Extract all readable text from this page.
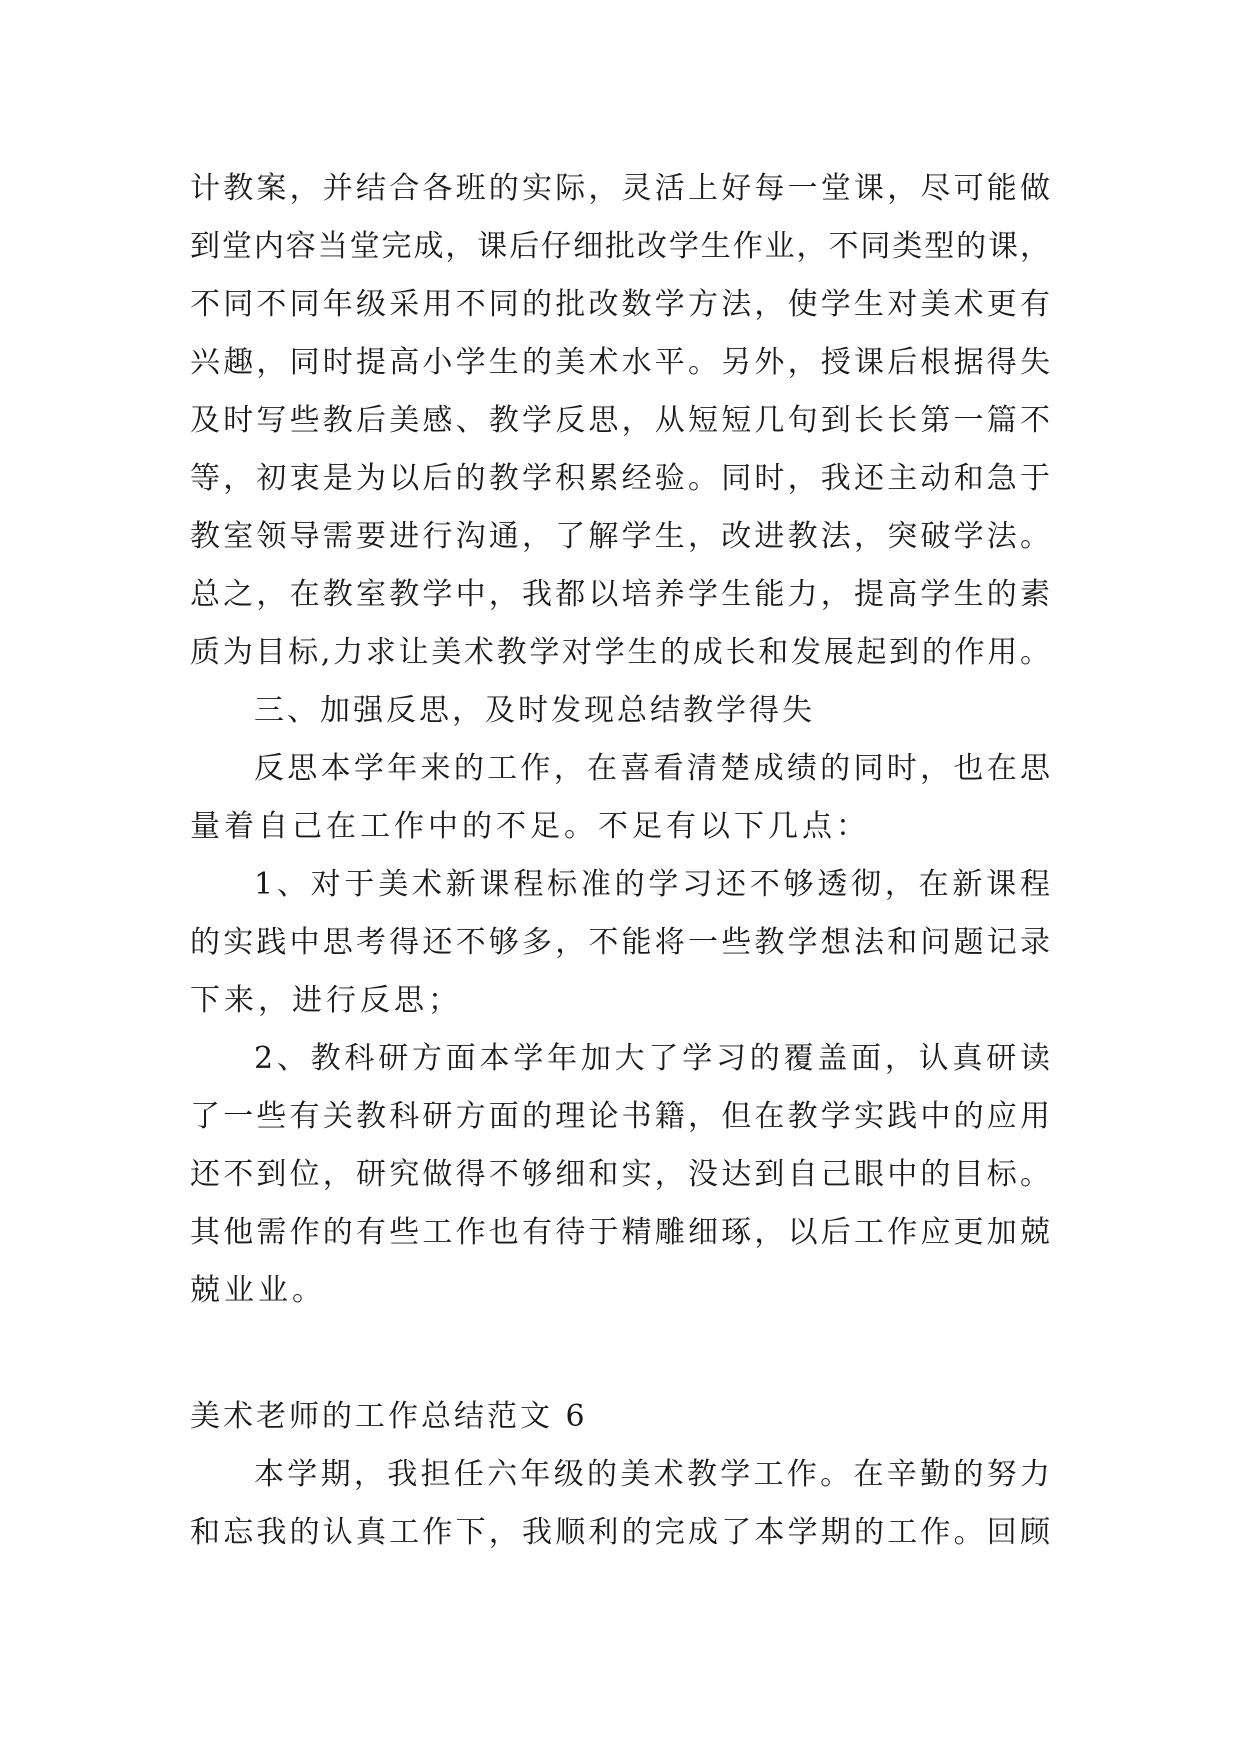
计教案，并结合各班的实际，灵活上好每一堂课，尽可能做
到堂内容当堂完成，课后仔细批改学生作业，不同类型的课，
不同不同年级采用不同的批改数学方法，使学生对美术更有
兴趣，同时提高小学生的美术水平。另外，授课后根据得失
及时写些教后美感、教学反思，从短短几句到长长第一篇不
等，初衷是为以后的教学积累经验。同时，我还主动和急于
教室领导需要进行沟通，了解学生，改进教法，突破学法。
总之，在教室教学中，我都以培养学生能力，提高学生的素
质为目标,力求让美术教学对学生的成长和发展起到的作用。
三、加强反思，及时发现总结教学得失
反思本学年来的工作，在喜看清楚成绩的同时，也在思
量着自己在工作中的不足。不足有以下几点：
1、对于美术新课程标准的学习还不够透彻，在新课程
的实践中思考得还不够多，不能将一些教学想法和问题记录
下来，进行反思；
2、教科研方面本学年加大了学习的覆盖面，认真研读
了一些有关教科研方面的理论书籍，但在教学实践中的应用
还不到位，研究做得不够细和实，没达到自己眼中的目标。
其他需作的有些工作也有待于精雕细琢，以后工作应更加兢
兢业业。
美术老师的工作总结范文 6
本学期，我担任六年级的美术教学工作。在辛勤的努力
和忘我的认真工作下，我顺利的完成了本学期的工作。回顾
